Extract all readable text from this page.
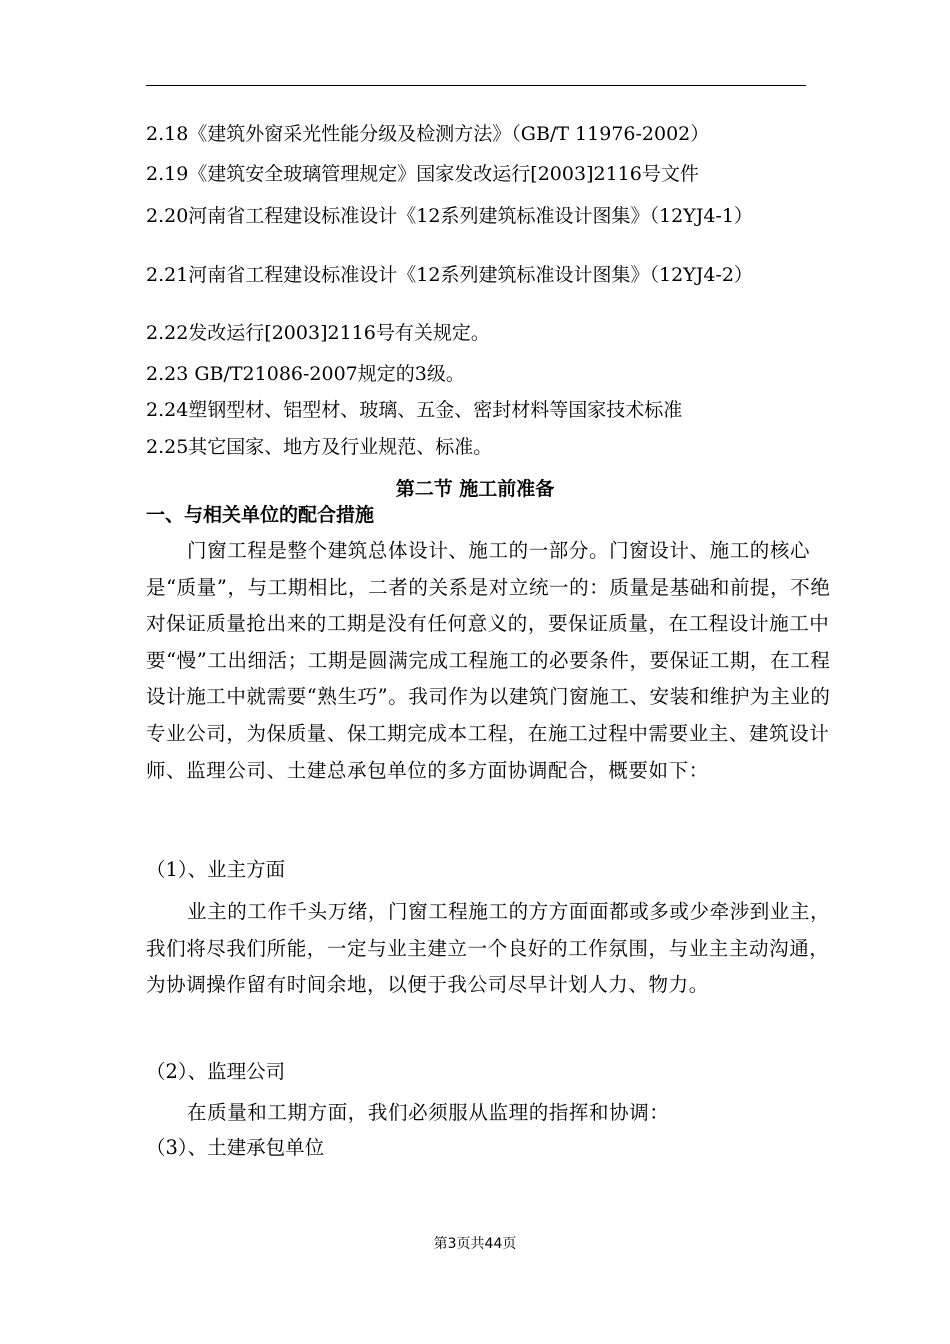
2.18《建筑外窗采光性能分级及检测方法》（GB/T 11976-2002）
2.19《建筑安全玻璃管理规定》国家发改运行[2003]2116号文件
2.20河南省工程建设标准设计《12系列建筑标准设计图集》（12YJ4-1）
2.21河南省工程建设标准设计《12系列建筑标准设计图集》（12YJ4-2）
2.22发改运行[2003]2116号有关规定。
2.23 GB/T21086-2007规定的3级。
2.24塑钢型材、铝型材、玻璃、五金、密封材料等国家技术标准
2.25其它国家、地方及行业规范、标准。
第二节 施工前准备
一、与相关单位的配合措施
门窗工程是整个建筑总体设计、施工的一部分。门窗设计、施工的核心是“质量”，与工期相比，二者的关系是对立统一的：质量是基础和前提，不绝对保证质量抢出来的工期是没有任何意义的，要保证质量，在工程设计施工中要“慢”工出细活；工期是圆满完成工程施工的必要条件，要保证工期，在工程设计施工中就需要“熟生巧”。我司作为以建筑门窗施工、安装和维护为主业的专业公司，为保质量、保工期完成本工程，在施工过程中需要业主、建筑设计师、监理公司、土建总承包单位的多方面协调配合，概要如下：
（1）、业主方面
业主的工作千头万绪，门窗工程施工的方方面面都或多或少牵涉到业主，我们将尽我们所能，一定与业主建立一个良好的工作氛围，与业主主动沟通，为协调操作留有时间余地，以便于我公司尽早计划人力、物力。
（2）、监理公司
在质量和工期方面，我们必须服从监理的指挥和协调：
（3）、土建承包单位
第3页共44页
